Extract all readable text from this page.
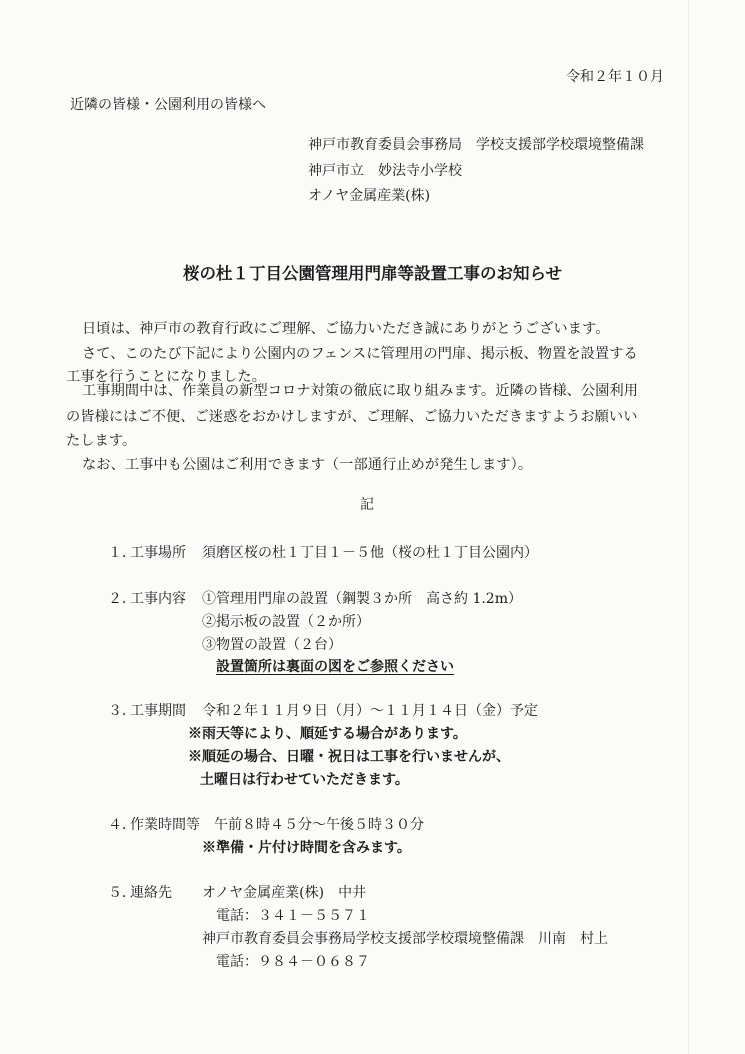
令和２年１０月
近隣の皆様・公園利用の皆様へ
神戸市教育委員会事務局　学校支援部学校環境整備課
神戸市立　妙法寺小学校
オノヤ金属産業(株)
桜の杜１丁目公園管理用門扉等設置工事のお知らせ
日頃は、神戸市の教育行政にご理解、ご協力いただき誠にありがとうございます。
さて、このたび下記により公園内のフェンスに管理用の門扉、掲示板、物置を設置する
工事を行うことになりました。
工事期間中は、作業員の新型コロナ対策の徹底に取り組みます。近隣の皆様、公園利用
の皆様にはご不便、ご迷惑をおかけしますが、ご理解、ご協力いただきますようお願いい
たします。
なお、工事中も公園はご利用できます（一部通行止めが発生します）。
記
１．
工事場所 須磨区桜の杜１丁目１－５他（桜の杜１丁目公園内）
２．
工事内容 ①管理用門扉の設置（鋼製３か所　高さ約 1.2m）
②掲示板の設置（２か所）
③物置の設置（２台）
設置箇所は裏面の図をご参照ください
３．
工事期間 令和２年１１月９日（月）～１１月１４日（金）予定
※雨天等により、順延する場合があります。
※順延の場合、日曜・祝日は工事を行いませんが、
土曜日は行わせていただきます。
４．
作業時間等 午前８時４５分～午後５時３０分
※準備・片付け時間を含みます。
５．
連絡先 オノヤ金属産業(株)　中井
電話：３４１－５５７１
神戸市教育委員会事務局学校支援部学校環境整備課　川南　村上
電話：９８４－０６８７
